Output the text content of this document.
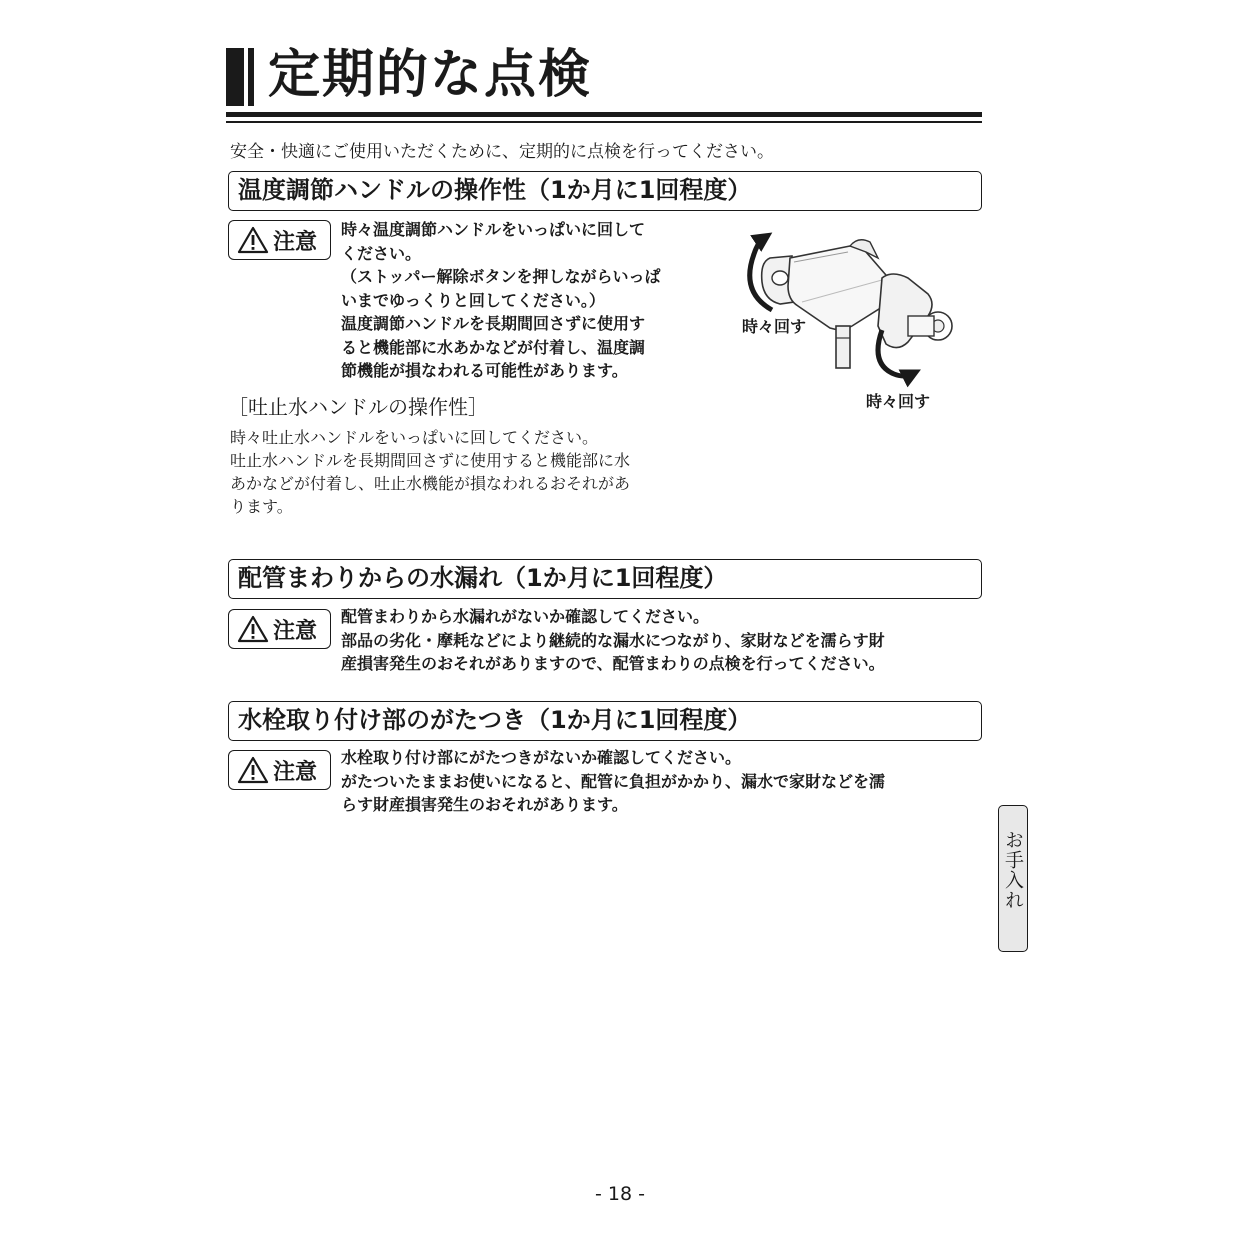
定期的な点検

安全・快適にご使用いただくために、定期的に点検を行ってください。

温度調節ハンドルの操作性（1か月に1回程度）
注意 時々温度調節ハンドルをいっぱいに回して

ください。

（ストッパー解除ボタンを押しながらいっぱ

いまでゆっくりと回してください。）

温度調節ハンドルを長期間回さずに使用す

ると機能部に水あかなどが付着し、温度調

節機能が損なわれる可能性があります。

時々回す
時々回す

［吐止水ハンドルの操作性］

時々吐止水ハンドルをいっぱいに回してください。

吐止水ハンドルを長期間回さずに使用すると機能部に水

あかなどが付着し、吐止水機能が損なわれるおそれがあ

ります。

配管まわりからの水漏れ（1か月に1回程度）
注意

配管まわりから水漏れがないか確認してください。

部品の劣化・摩耗などにより継続的な漏水につながり、家財などを濡らす財

産損害発生のおそれがありますので、配管まわりの点検を行ってください。

水栓取り付け部のがたつき（1か月に1回程度）
注意

水栓取り付け部にがたつきがないか確認してください。

がたついたままお使いになると、配管に負担がかかり、漏水で家財などを濡

らす財産損害発生のおそれがあります。

お手入れ
- 18 -
